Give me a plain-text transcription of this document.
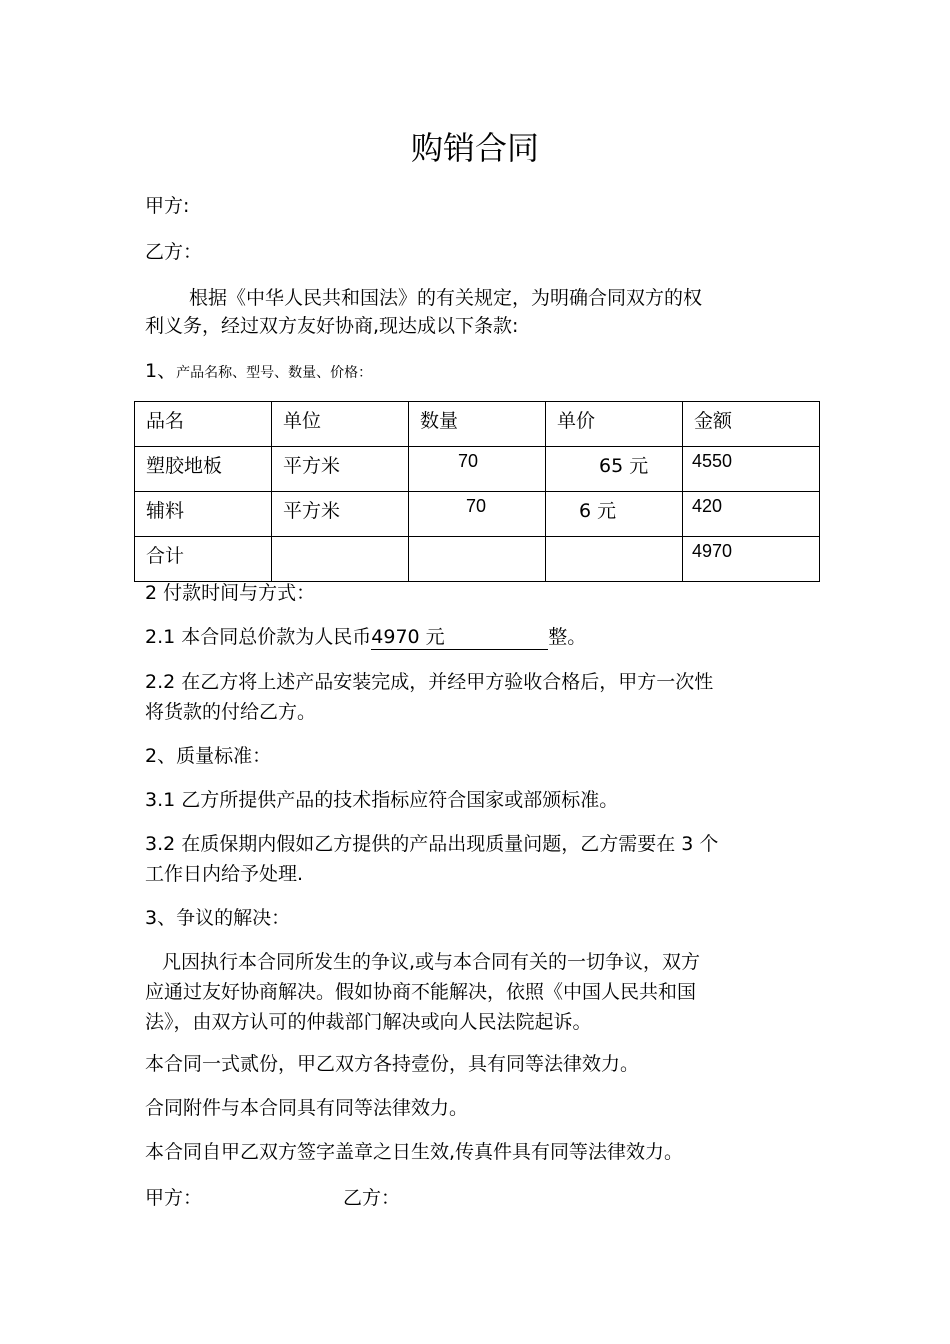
购销合同
甲方:
乙方：
根据《中华人民共和国法》的有关规定，为明确合同双方的权
利义务，经过双方友好协商,现达成以下条款:
1、产品名称、型号、数量、价格：
品名	单位	数量	单价	金额

塑胶地板	平方米	70	65 元	4550

辅料	平方米	70	6 元	420

合计				4970
2 付款时间与方式：
2.1 本合同总价款为人民币4970 元	整。
2.2 在乙方将上述产品安装完成，并经甲方验收合格后，甲方一次性
将货款的付给乙方。
2、质量标准：
3.1 乙方所提供产品的技术指标应符合国家或部颁标准。
3.2 在质保期内假如乙方提供的产品出现质量问题，乙方需要在 3 个
工作日内给予处理.
3、争议的解决：
凡因执行本合同所发生的争议,或与本合同有关的一切争议，双方
应通过友好协商解决。假如协商不能解决，依照《中国人民共和国
法》，由双方认可的仲裁部门解决或向人民法院起诉。
本合同一式贰份，甲乙双方各持壹份，具有同等法律效力。
合同附件与本合同具有同等法律效力。
本合同自甲乙双方签字盖章之日生效,传真件具有同等法律效力。
甲方：	乙方：
